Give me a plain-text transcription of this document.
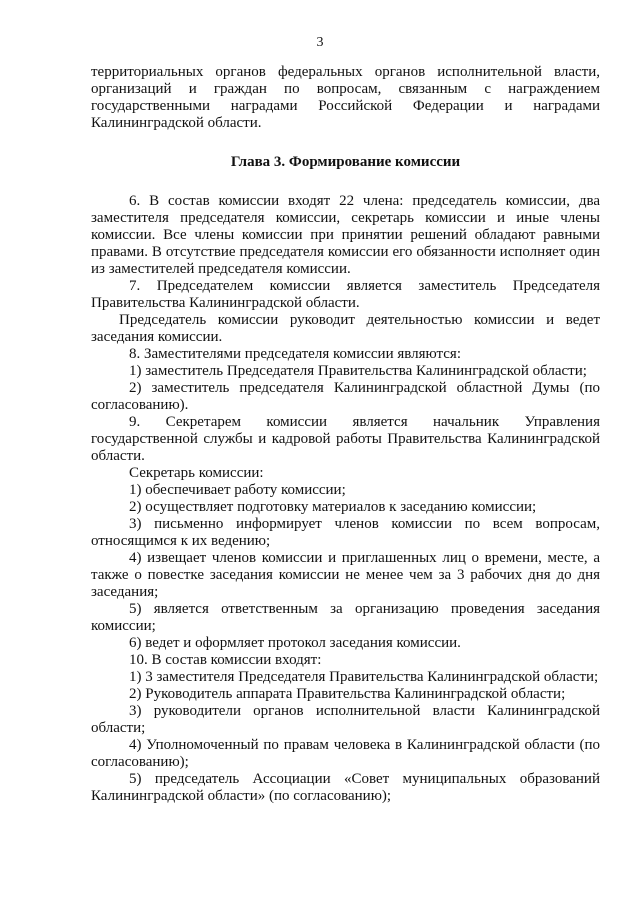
3

территориальных органов федеральных органов исполнительной власти, организаций и граждан по вопросам, связанным с награждением государственными наградами Российской Федерации и наградами Калининградской области.

Глава 3. Формирование комиссии

6. В состав комиссии входят 22 члена: председатель комиссии, два заместителя председателя комиссии, секретарь комиссии и иные члены комиссии. Все члены комиссии при принятии решений обладают равными правами. В отсутствие председателя комиссии его обязанности исполняет один из заместителей председателя комиссии.

7. Председателем комиссии является заместитель Председателя Правительства Калининградской области.

Председатель комиссии руководит деятельностью комиссии и ведет заседания комиссии.

8. Заместителями председателя комиссии являются:

1) заместитель Председателя Правительства Калининградской области;

2) заместитель председателя Калининградской областной Думы (по согласованию).

9. Секретарем комиссии является начальник Управления государственной службы и кадровой работы Правительства Калининградской области.

Секретарь комиссии:

1) обеспечивает работу комиссии;

2) осуществляет подготовку материалов к заседанию комиссии;

3) письменно информирует членов комиссии по всем вопросам, относящимся к их ведению;

4) извещает членов комиссии и приглашенных лиц о времени, месте, а также о повестке заседания комиссии не менее чем за 3 рабочих дня до дня заседания;

5) является ответственным за организацию проведения заседания комиссии;

6) ведет и оформляет протокол заседания комиссии.

10. В состав комиссии входят:

1) 3 заместителя Председателя Правительства Калининградской области;

2) Руководитель аппарата Правительства Калининградской области;

3) руководители органов исполнительной власти Калининградской области;

4) Уполномоченный по правам человека в Калининградской области (по согласованию);

5) председатель Ассоциации «Совет муниципальных образований Калининградской области» (по согласованию);
